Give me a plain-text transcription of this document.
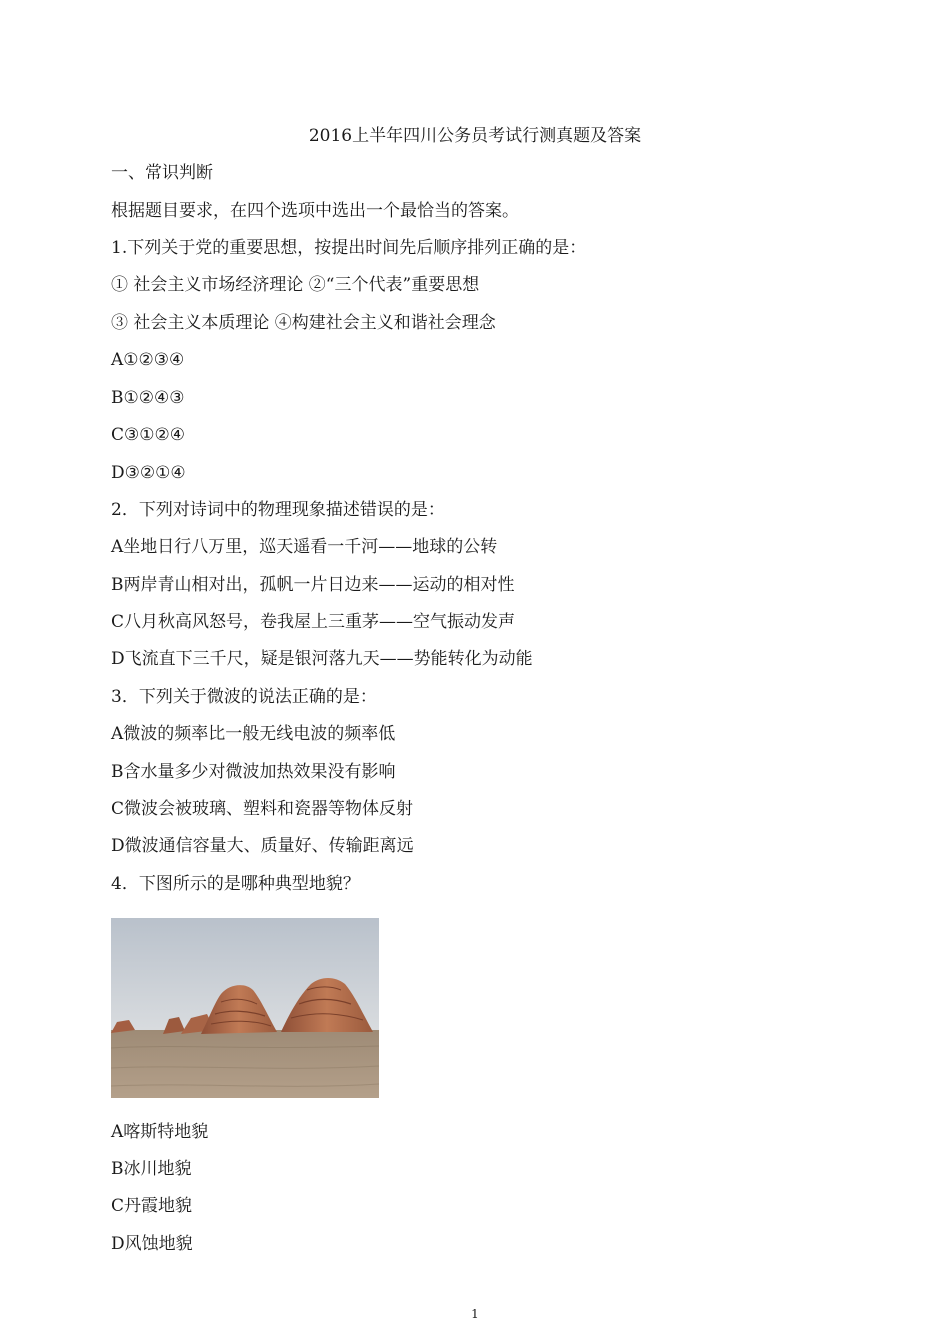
2016上半年四川公务员考试行测真题及答案
一、常识判断
根据题目要求，在四个选项中选出一个最恰当的答案。
1.下列关于党的重要思想，按提出时间先后顺序排列正确的是：
① 社会主义市场经济理论 ②“三个代表”重要思想
③ 社会主义本质理论 ④构建社会主义和谐社会理念
A①②③④
B①②④③
C③①②④
D③②①④
2．下列对诗词中的物理现象描述错误的是：
A坐地日行八万里，巡天遥看一千河——地球的公转
B两岸青山相对出，孤帆一片日边来——运动的相对性
C八月秋高风怒号，卷我屋上三重茅——空气振动发声
D飞流直下三千尺，疑是银河落九天——势能转化为动能
3．下列关于微波的说法正确的是：
A微波的频率比一般无线电波的频率低
B含水量多少对微波加热效果没有影响
C微波会被玻璃、塑料和瓷器等物体反射
D微波通信容量大、质量好、传输距离远
4．下图所示的是哪种典型地貌？
A喀斯特地貌
B冰川地貌
C丹霞地貌
D风蚀地貌
1
